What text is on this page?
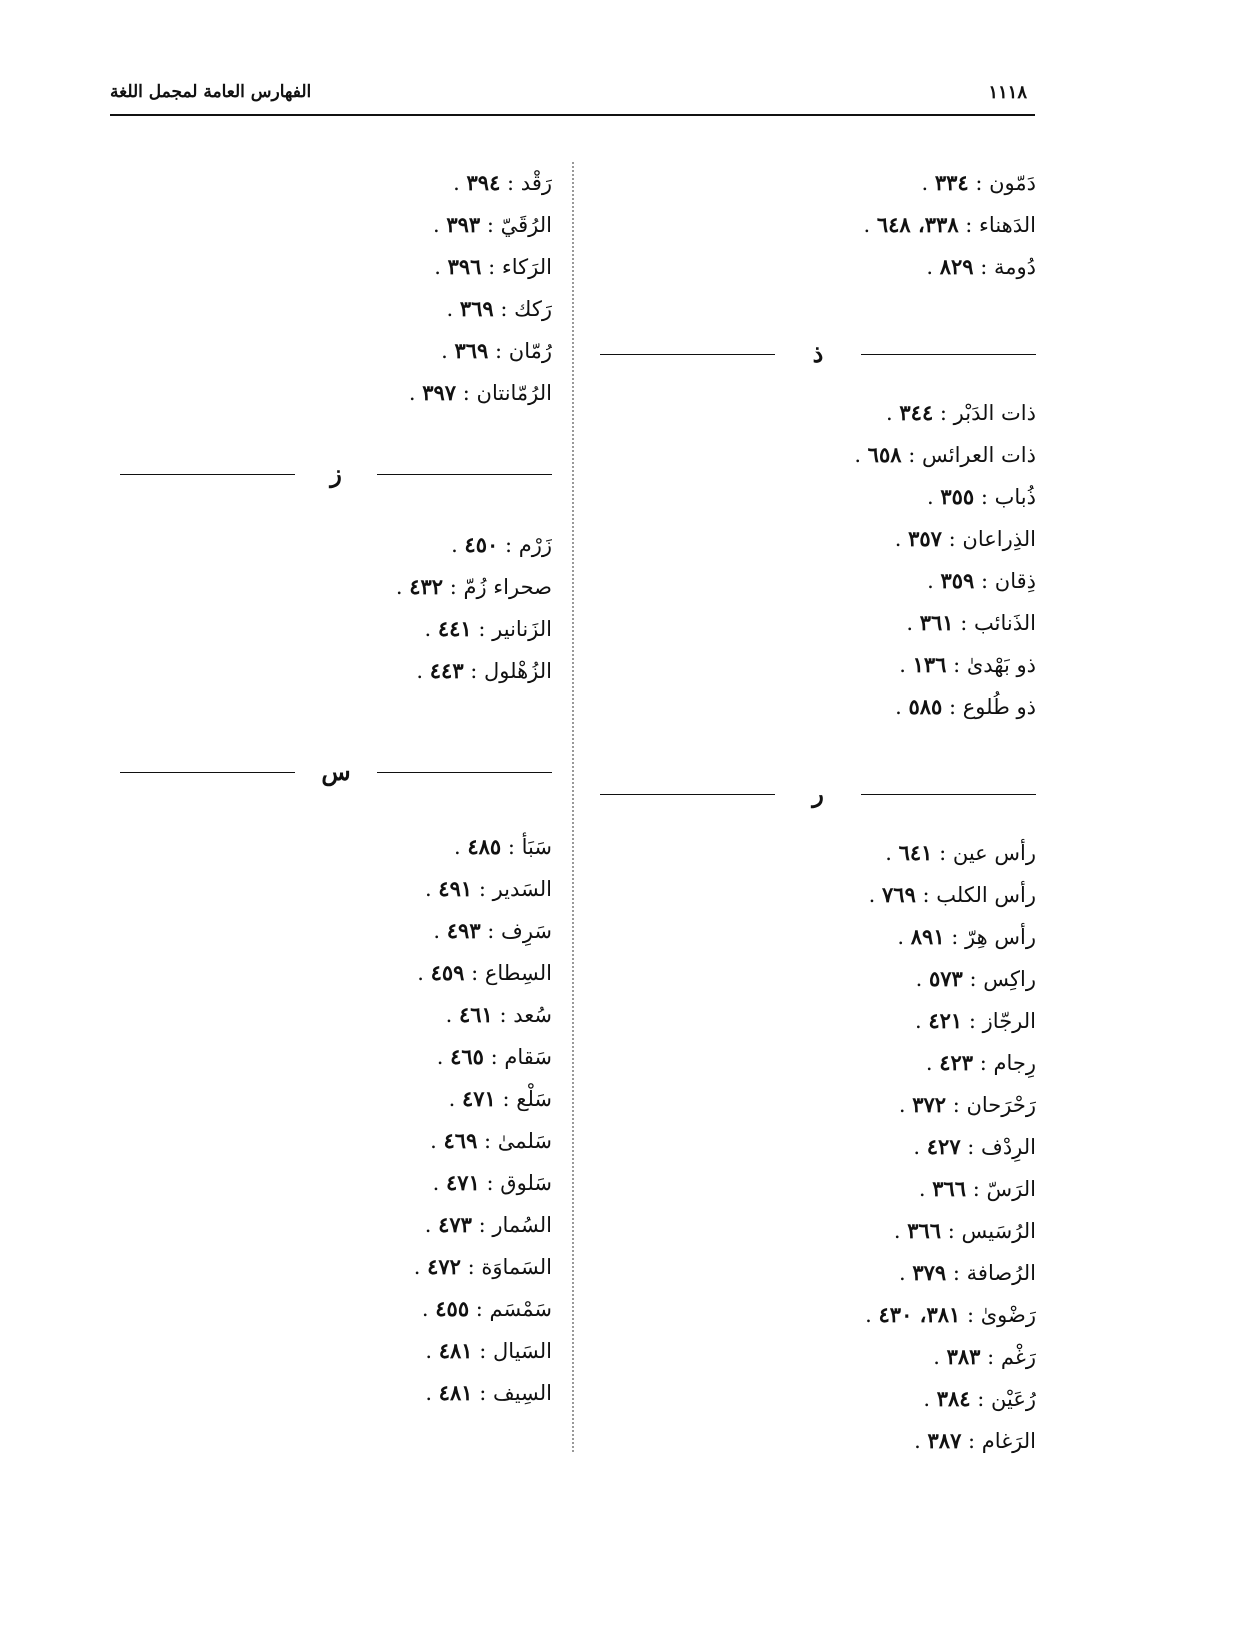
الفهارس العامة لمجمل اللغة	١١١٨
دَمّون : ٣٣٤ .
الدَهناء : ٣٣٨، ٦٤٨ .
دُومة : ٨٢٩ .
ذ
ذات الدَبْر : ٣٤٤ .
ذات العرائس : ٦٥٨ .
ذُباب : ٣٥٥ .
الذِراعان : ٣٥٧ .
ذِقان : ٣٥٩ .
الذَنائب : ٣٦١ .
ذو بَهْدىٰ : ١٣٦ .
ذو طُلوع : ٥٨٥ .
ر
رأس عين : ٦٤١ .
رأس الكلب : ٧٦٩ .
رأس هِرّ : ٨٩١ .
راكِس : ٥٧٣ .
الرجّاز : ٤٢١ .
رِجام : ٤٢٣ .
رَحْرَحان : ٣٧٢ .
الرِدْف : ٤٢٧ .
الرَسّ : ٣٦٦ .
الرُسَيس : ٣٦٦ .
الرُصافة : ٣٧٩ .
رَضْوىٰ : ٣٨١، ٤٣٠ .
رَغْم : ٣٨٣ .
رُعَيْن : ٣٨٤ .
الرَغام : ٣٨٧ .
رَقْد : ٣٩٤ .
الرُقَيّ : ٣٩٣ .
الرَكاء : ٣٩٦ .
رَكك : ٣٦٩ .
رُمّان : ٣٦٩ .
الرُمّانتان : ٣٩٧ .
ز
زَرْم : ٤٥٠ .
صحراء زُمّ : ٤٣٢ .
الزَنانير : ٤٤١ .
الزُهْلول : ٤٤٣ .
س
سَبَأ : ٤٨٥ .
السَدير : ٤٩١ .
سَرِف : ٤٩٣ .
السِطاع : ٤٥٩ .
سُعد : ٤٦١ .
سَقام : ٤٦٥ .
سَلْع : ٤٧١ .
سَلمىٰ : ٤٦٩ .
سَلوق : ٤٧١ .
السُمار : ٤٧٣ .
السَماوَة : ٤٧٢ .
سَمْسَم : ٤٥٥ .
السَيال : ٤٨١ .
السِيف : ٤٨١ .
